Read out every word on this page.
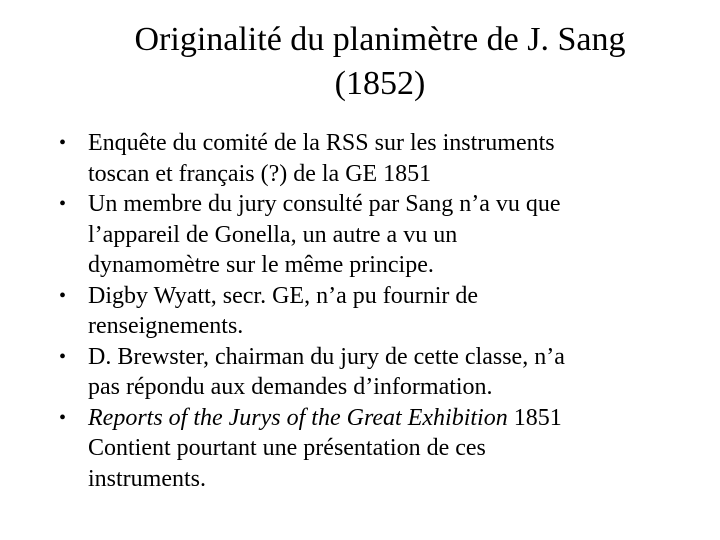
Originalité du planimètre de J. Sang
(1852)
• Enquête du comité de la RSS sur les instruments
toscan et français (?) de la GE 1851
• Un membre du jury consulté par Sang n’a vu que
l’appareil de Gonella, un autre a vu un
dynamomètre sur le même principe.
• Digby Wyatt, secr. GE, n’a pu fournir de
renseignements.
• D. Brewster, chairman du jury de cette classe, n’a
pas répondu aux demandes d’information.
• Reports of the Jurys of the Great Exhibition 1851
Contient pourtant une présentation de ces
instruments.
